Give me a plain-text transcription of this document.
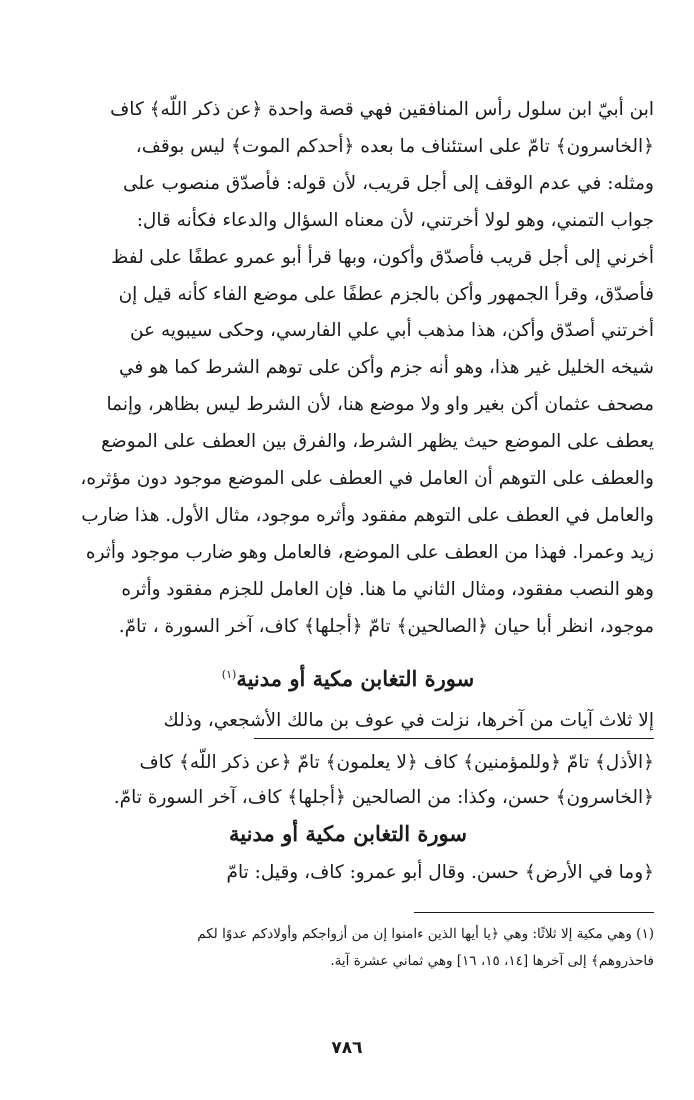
ابن أبيّ ابن سلول رأس المنافقين فهي قصة واحدة ﴿عن ذكر اللّه﴾ كاف

﴿الخاسرون﴾ تامّ على استئناف ما بعده ﴿أحدكم الموت﴾ ليس بوقف،

ومثله: في عدم الوقف إلى أجل قريب، لأن قوله: فأصدّق منصوب على

جواب التمني، وهو لولا أخرتني، لأن معناه السؤال والدعاء فكأنه قال:

أخرني إلى أجل قريب فأصدّق وأكون، وبها قرأ أبو عمرو عطفًا على لفظ

فأصدّق، وقرأ الجمهور وأكن بالجزم عطفًا على موضع الفاء كأنه قيل إن

أخرتني أصدّق وأكن، هذا مذهب أبي علي الفارسي، وحكى سيبويه عن

شيخه الخليل غير هذا، وهو أنه جزم وأكن على توهم الشرط كما هو في

مصحف عثمان أكن بغير واو ولا موضع هنا، لأن الشرط ليس بظاهر، وإنما

يعطف على الموضع حيث يظهر الشرط، والفرق بين العطف على الموضع

والعطف على التوهم أن العامل في العطف على الموضع موجود دون مؤثره،

والعامل في العطف على التوهم مفقود وأثره موجود، مثال الأول. هذا ضارب

زيد وعمرا. فهذا من العطف على الموضع، فالعامل وهو ضارب موجود وأثره

وهو النصب مفقود، ومثال الثاني ما هنا. فإن العامل للجزم مفقود وأثره

موجود، انظر أبا حيان ﴿الصالحين﴾ تامّ ﴿أجلها﴾ كاف، آخر السورة ، تامّ.

سورة التغابن مكية أو مدنية$^{(١)}$
إلا ثلاث آيات من آخرها، نزلت في عوف بن مالك الأشجعي، وذلك

﴿الأذل﴾ تامّ ﴿وللمؤمنين﴾ كاف ﴿لا يعلمون﴾ تامّ ﴿عن ذكر اللّه﴾ كاف

﴿الخاسرون﴾ حسن، وكذا: من الصالحين ﴿أجلها﴾ كاف، آخر السورة تامّ.

سورة التغابن مكية أو مدنية

﴿وما في الأرض﴾ حسن. وقال أبو عمرو: كاف، وقيل: تامّ

(١) وهي مكية إلا ثلاثًا: وهي ﴿يا أيها الذين ءامنوا إن من أزواجكم وأولادكم عدوًا لكم

فاحذروهم﴾ إلى آخرها [١٤، ١٥، ١٦] وهي ثماني عشرة آية.

٧٨٦
